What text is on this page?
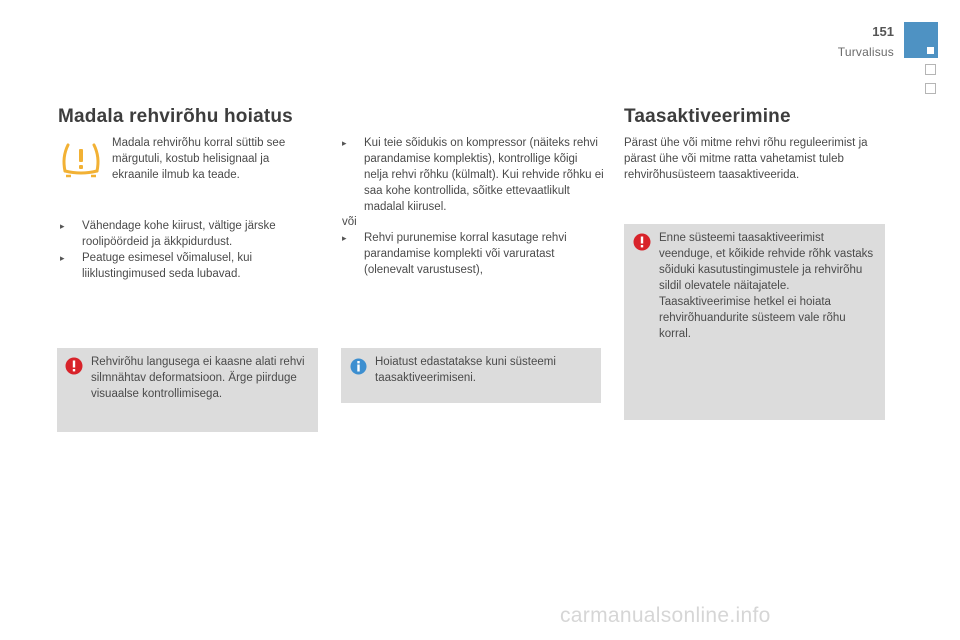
151
Turvalisus
Madala rehvirõhu hoiatus
Madala rehvirõhu korral süttib see märgutuli, kostub helisignaal ja ekraanile ilmub ka teade.
▸	Vähendage kohe kiirust, vältige järske roolipöördeid ja äkkpidurdust.
▸	Peatuge esimesel võimalusel, kui liiklustingimused seda lubavad.
Rehvirõhu langusega ei kaasne alati rehvi silmnähtav deformatsioon. Ärge piirduge visuaalse kontrollimisega.
▸	Kui teie sõidukis on kompressor (näiteks rehvi parandamise komplektis), kontrollige kõigi nelja rehvi rõhku (külmalt). Kui rehvide rõhku ei saa kohe kontrollida, sõitke ettevaatlikult madalal kiirusel.
või
▸	Rehvi purunemise korral kasutage rehvi parandamise komplekti või varuratast (olenevalt varustusest),
Hoiatust edastatakse kuni süsteemi taasaktiveerimiseni.
Taasaktiveerimine
Pärast ühe või mitme rehvi rõhu reguleerimist ja pärast ühe või mitme ratta vahetamist tuleb rehvirõhusüsteem taasaktiveerida.
Enne süsteemi taasaktiveerimist veenduge, et kõikide rehvide rõhk vastaks sõiduki kasutustingimustele ja rehvirõhu sildil olevatele näitajatele. Taasaktiveerimise hetkel ei hoiata rehvirõhuandurite süsteem vale rõhu korral.
carmanualsonline.info
